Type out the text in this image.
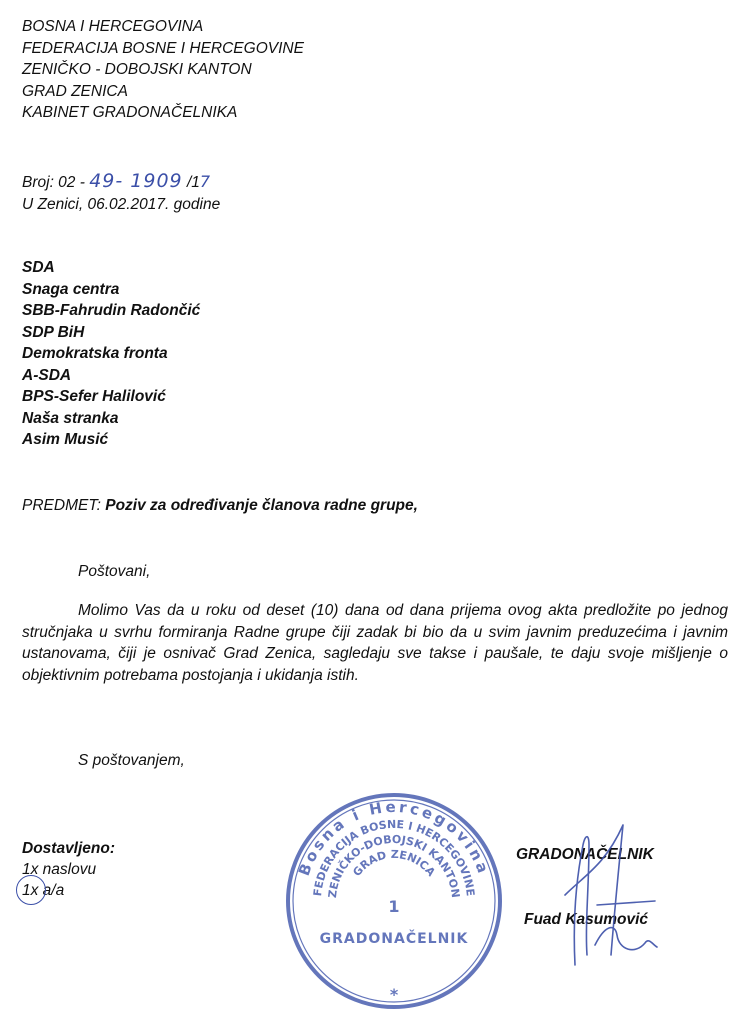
BOSNA I HERCEGOVINA
FEDERACIJA BOSNE I HERCEGOVINE
ZENIČKO - DOBOJSKI KANTON
GRAD ZENICA
KABINET GRADONAČELNIKA
Broj: 02 - 49- 1909 /17
U Zenici, 06.02.2017. godine
SDA
Snaga centra
SBB-Fahrudin Radončić
SDP BiH
Demokratska fronta
A-SDA
BPS-Sefer Halilović
Naša stranka
Asim Musić
PREDMET: Poziv za određivanje članova radne grupe,
Poštovani,
Molimo Vas da u roku od deset (10) dana od dana prijema ovog akta predložite po jednog stručnjaka u svrhu formiranja Radne grupe čiji zadak bi bio da u svim javnim preduzećima i javnim ustanovama, čiji je osnivač Grad Zenica, sagledaju sve takse i paušale, te daju svoje mišljenje o objektivnim potrebama postojanja i ukidanja istih.
S poštovanjem,
Dostavljeno:
1x naslovu
1x a/a
Bosna i Hercegovina
FEDERACIJA BOSNE I HERCEGOVINE
ZENIČKO-DOBOJSKI KANTON
GRAD ZENICA
1
GRADONAČELNIK
*
GRADONAČELNIK
Fuad Kasumović
